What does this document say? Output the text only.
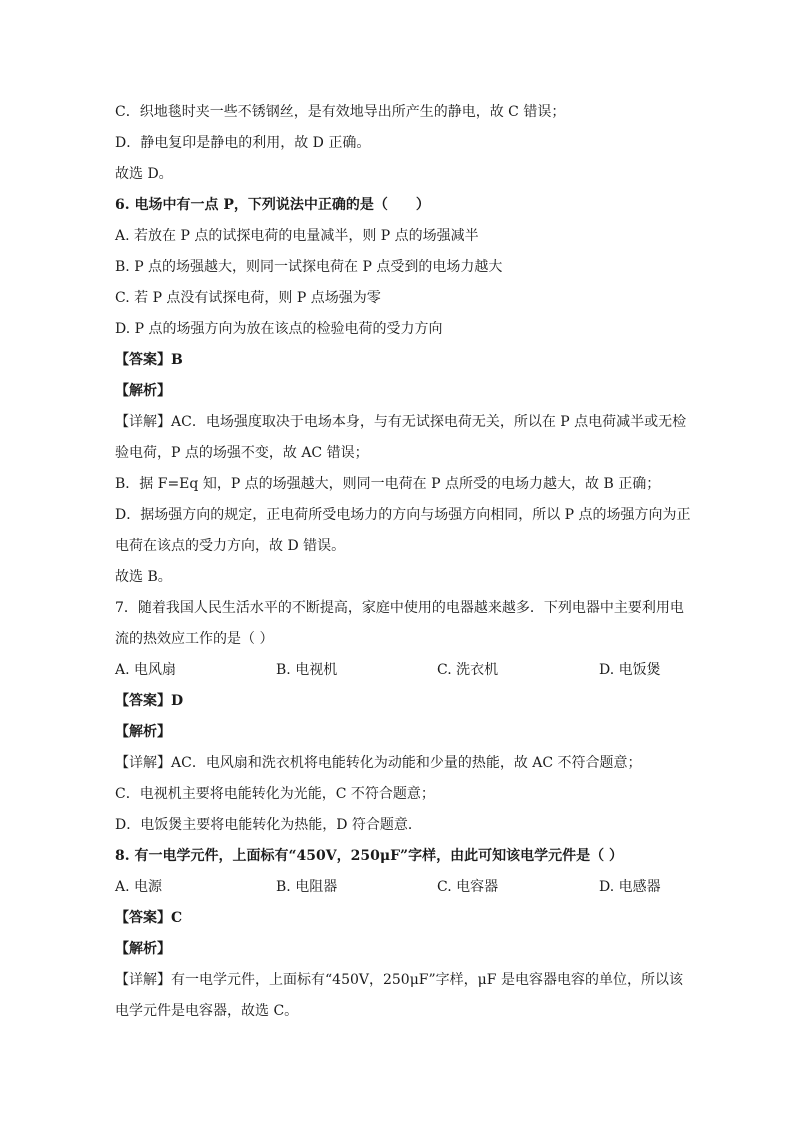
C．织地毯时夹一些不锈钢丝，是有效地导出所产生的静电，故 C 错误；
D．静电复印是静电的利用，故 D 正确。
故选 D。
6. 电场中有一点 P，下列说法中正确的是（　　）
A. 若放在 P 点的试探电荷的电量减半，则 P 点的场强减半
B. P 点的场强越大，则同一试探电荷在 P 点受到的电场力越大
C. 若 P 点没有试探电荷，则 P 点场强为零
D. P 点的场强方向为放在该点的检验电荷的受力方向
【答案】B
【解析】
【详解】AC．电场强度取决于电场本身，与有无试探电荷无关，所以在 P 点电荷减半或无检
验电荷，P 点的场强不变，故 AC 错误；
B．据 F=Eq 知，P 点的场强越大，则同一电荷在 P 点所受的电场力越大，故 B 正确；
D．据场强方向的规定，正电荷所受电场力的方向与场强方向相同，所以 P 点的场强方向为正
电荷在该点的受力方向，故 D 错误。
故选 B。
7．随着我国人民生活水平的不断提高，家庭中使用的电器越来越多．下列电器中主要利用电
流的热效应工作的是（ ）
A. 电风扇	B. 电视机	C. 洗衣机	D. 电饭煲
【答案】D
【解析】
【详解】AC．电风扇和洗衣机将电能转化为动能和少量的热能，故 AC 不符合题意；
C．电视机主要将电能转化为光能，C 不符合题意；
D．电饭煲主要将电能转化为热能，D 符合题意．
8. 有一电学元件，上面标有“450V，250μF”字样，由此可知该电学元件是（ ）
A. 电源	B. 电阻器	C. 电容器	D. 电感器
【答案】C
【解析】
【详解】有一电学元件，上面标有“450V，250μF”字样，μF 是电容器电容的单位，所以该
电学元件是电容器，故选 C。
